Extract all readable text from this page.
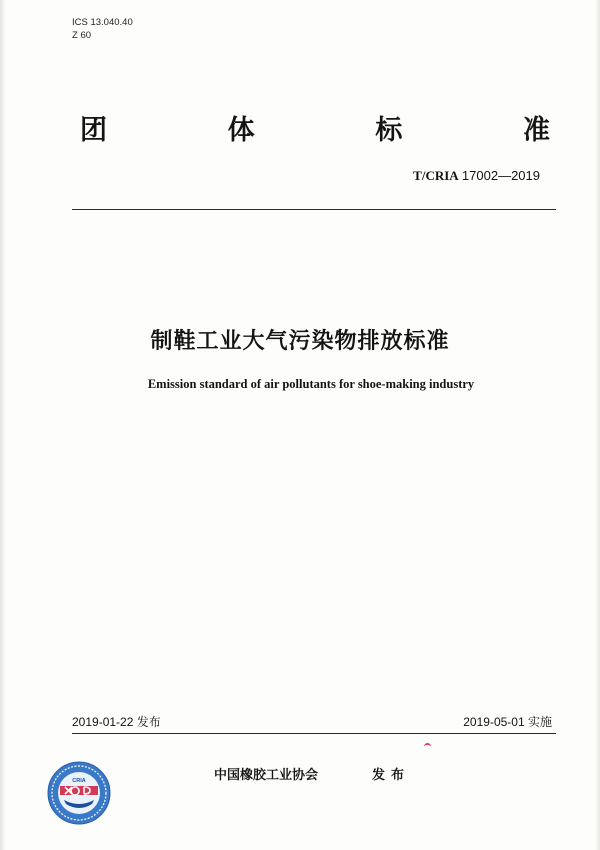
ICS 13.040.40
Z 60
团	体	标	准
T/CRIA 17002—2019
制鞋工业大气污染物排放标准
Emission standard of air pollutants for shoe-making industry
2019-01-22 发布	2019-05-01 实施
CRIA	中国橡胶工业协会	发布
